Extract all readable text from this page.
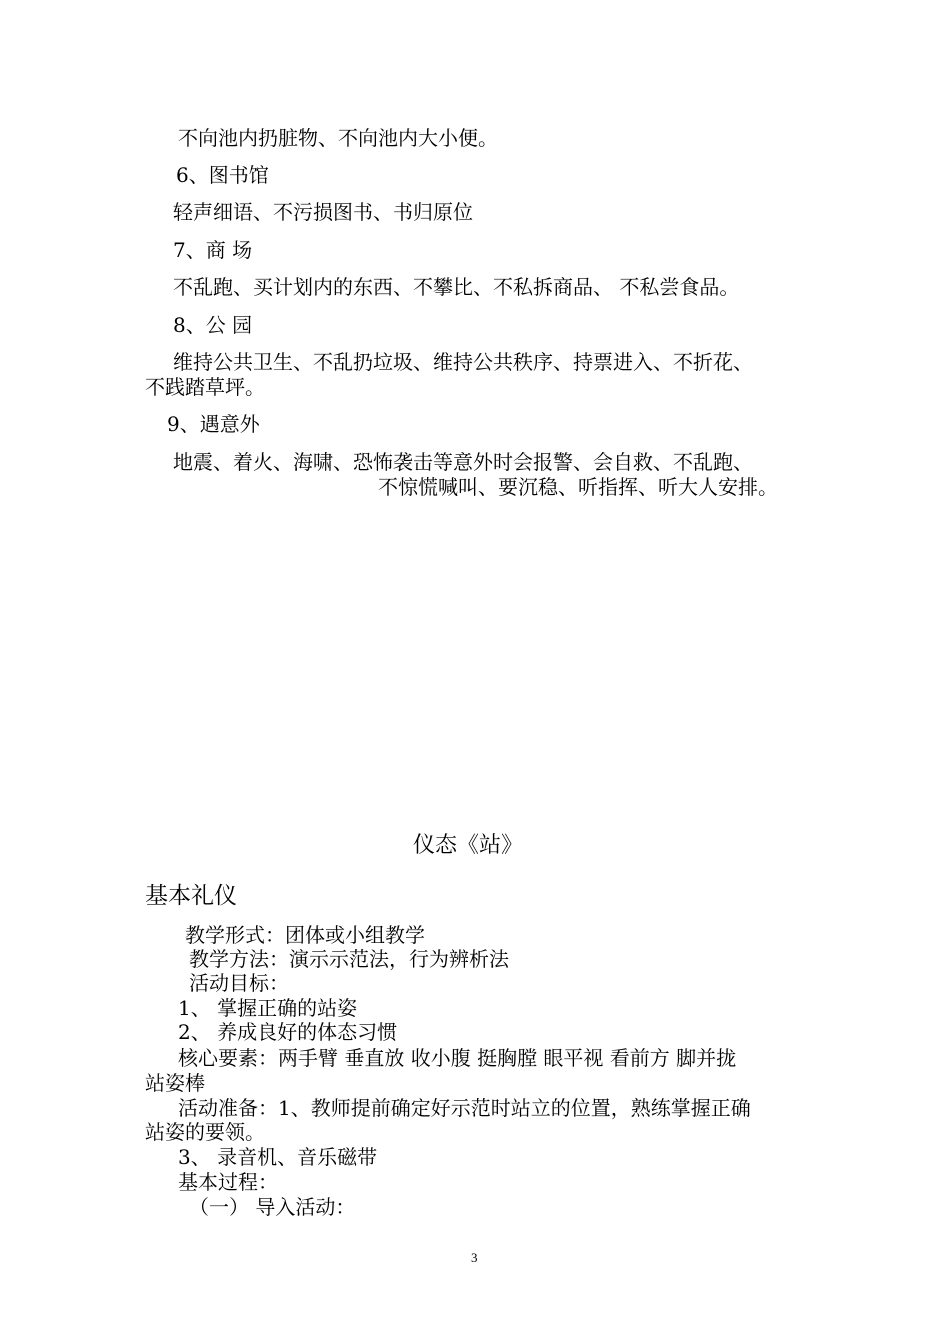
不向池内扔脏物、不向池内大小便。
6、图书馆
轻声细语、不污损图书、书归原位
7、商 场
不乱跑、买计划内的东西、不攀比、不私拆商品、 不私尝食品。
8、公 园
维持公共卫生、不乱扔垃圾、维持公共秩序、持票进入、不折花、
不践踏草坪。
9、遇意外
地震、着火、海啸、恐怖袭击等意外时会报警、会自救、不乱跑、
不惊慌喊叫、要沉稳、听指挥、听大人安排。
仪态《站》
基本礼仪
教学形式：团体或小组教学
教学方法：演示示范法，行为辨析法
活动目标：
1、 掌握正确的站姿
2、 养成良好的体态习惯
核心要素：两手臂 垂直放 收小腹 挺胸膛 眼平视 看前方 脚并拢
站姿棒
活动准备：1、教师提前确定好示范时站立的位置，熟练掌握正确
站姿的要领。
3、 录音机、音乐磁带
基本过程：
（一） 导入活动：
3
